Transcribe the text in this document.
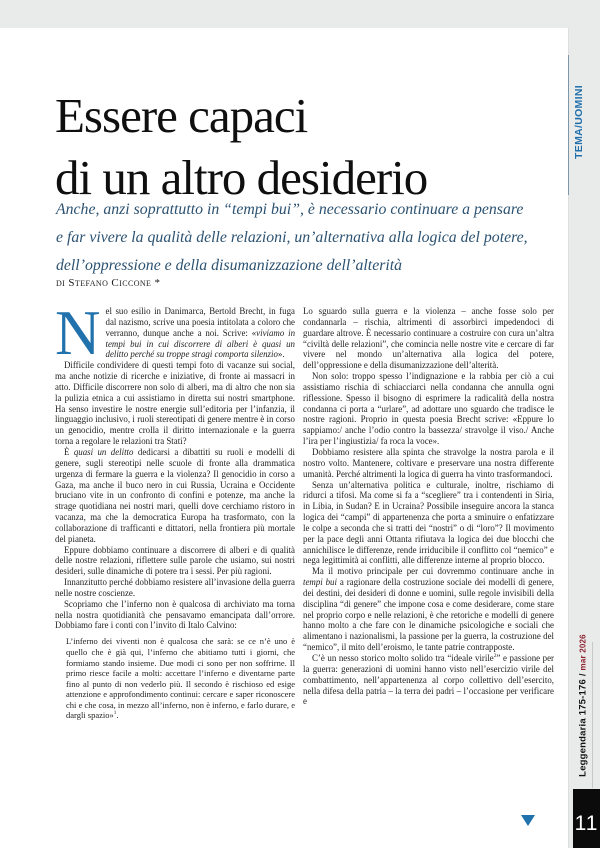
Essere capaci
di un altro desiderio
Anche, anzi soprattutto in “tempi bui”, è necessario continuare a pensare
e far vivere la qualità delle relazioni, un’alternativa alla logica del potere,
dell’oppressione e della disumanizzazione dell’alterità
di Stefano Ciccone *

Nel suo esilio in Danimarca, Bertold Brecht, in fuga dal nazismo, scrive una poesia intitolata a coloro che verranno, dunque anche a noi. Scrive: «viviamo in tempi bui in cui discorrere di alberi è quasi un delitto perché su troppe stragi comporta silenzio».

Difficile condividere di questi tempi foto di vacanze sui social, ma anche notizie di ricerche e iniziative, di fronte ai massacri in atto. Difficile discorrere non solo di alberi, ma di altro che non sia la pulizia etnica a cui assistiamo in diretta sui nostri smartphone. Ha senso investire le nostre energie sull’editoria per l’infanzia, il linguaggio inclusivo, i ruoli stereotipati di genere mentre è in corso un genocidio, mentre crolla il diritto internazionale e la guerra torna a regolare le relazioni tra Stati?

È quasi un delitto dedicarsi a dibattiti su ruoli e modelli di genere, sugli stereotipi nelle scuole di fronte alla drammatica urgenza di fermare la guerra e la violenza? Il genocidio in corso a Gaza, ma anche il buco nero in cui Russia, Ucraina e Occidente bruciano vite in un confronto di confini e potenze, ma anche la strage quotidiana nei nostri mari, quelli dove cerchiamo ristoro in vacanza, ma che la democratica Europa ha trasformato, con la collaborazione di trafficanti e dittatori, nella frontiera più mortale del pianeta.

Eppure dobbiamo continuare a discorrere di alberi e di qualità delle nostre relazioni, riflettere sulle parole che usiamo, sui nostri desideri, sulle dinamiche di potere tra i sessi. Per più ragioni.

Innanzitutto perché dobbiamo resistere all’invasione della guerra nelle nostre coscienze.

Scopriamo che l’inferno non è qualcosa di archiviato ma torna nella nostra quotidianità che pensavamo emancipata dall’orrore. Dobbiamo fare i conti con l’invito di Italo Calvino:

L’inferno dei viventi non è qualcosa che sarà: se ce n’è uno è quello che è già qui, l’inferno che abitiamo tutti i giorni, che formiamo stando insieme. Due modi ci sono per non soffrirne. Il primo riesce facile a molti: accettare l’inferno e diventarne parte fino al punto di non vederlo più. Il secondo è rischioso ed esige attenzione e approfondimento continui: cercare e saper riconoscere chi e che cosa, in mezzo all’inferno, non è inferno, e farlo durare, e dargli spazio»$^1$.

Lo sguardo sulla guerra e la violenza – anche fosse solo per condannarla – rischia, altrimenti di assorbirci impedendoci di guardare altrove. È necessario continuare a costruire con cura un’altra “civiltà delle relazioni”, che comincia nelle nostre vite e cercare di far vivere nel mondo un’alternativa alla logica del potere, dell’oppressione e della disumanizzazione dell’alterità.

Non solo: troppo spesso l’indignazione e la rabbia per ciò a cui assistiamo rischia di schiacciarci nella condanna che annulla ogni riflessione. Spesso il bisogno di esprimere la radicalità della nostra condanna ci porta a “urlare”, ad adottare uno sguardo che tradisce le nostre ragioni. Proprio in questa poesia Brecht scrive: «Eppure lo sappiamo:/ anche l’odio contro la bassezza/ stravolge il viso./ Anche l’ira per l’ingiustizia/ fa roca la voce».

Dobbiamo resistere alla spinta che stravolge la nostra parola e il nostro volto. Mantenere, coltivare e preservare una nostra differente umanità. Perché altrimenti la logica di guerra ha vinto trasformandoci.

Senza un’alternativa politica e culturale, inoltre, rischiamo di ridurci a tifosi. Ma come si fa a “scegliere” tra i contendenti in Siria, in Libia, in Sudan? E in Ucraina? Possibile inseguire ancora la stanca logica dei “campi” di appartenenza che porta a sminuire o enfatizzare le colpe a seconda che si tratti dei “nostri” o di “loro”? Il movimento per la pace degli anni Ottanta rifiutava la logica dei due blocchi che annichilisce le differenze, rende irriducibile il conflitto col “nemico” e nega legittimità ai conflitti, alle differenze interne al proprio blocco.

Ma il motivo principale per cui dovremmo continuare anche in tempi bui a ragionare della costruzione sociale dei modelli di genere, dei destini, dei desideri di donne e uomini, sulle regole invisibili della disciplina “di genere” che impone cosa e come desiderare, come stare nel proprio corpo e nelle relazioni, è che retoriche e modelli di genere hanno molto a che fare con le dinamiche psicologiche e sociali che alimentano i nazionalismi, la passione per la guerra, la costruzione del “nemico”, il mito dell’eroismo, le tante patrie contrapposte.

C’è un nesso storico molto solido tra “ideale virile$^2$” e passione per la guerra: generazioni di uomini hanno visto nell’esercizio virile del combattimento, nell’appartenenza al corpo collettivo dell’esercito, nella difesa della patria – la terra dei padri – l’occasione per verificare e

TEMA/UOMINI
Leggendaria 175-176 / mar 2026
11
